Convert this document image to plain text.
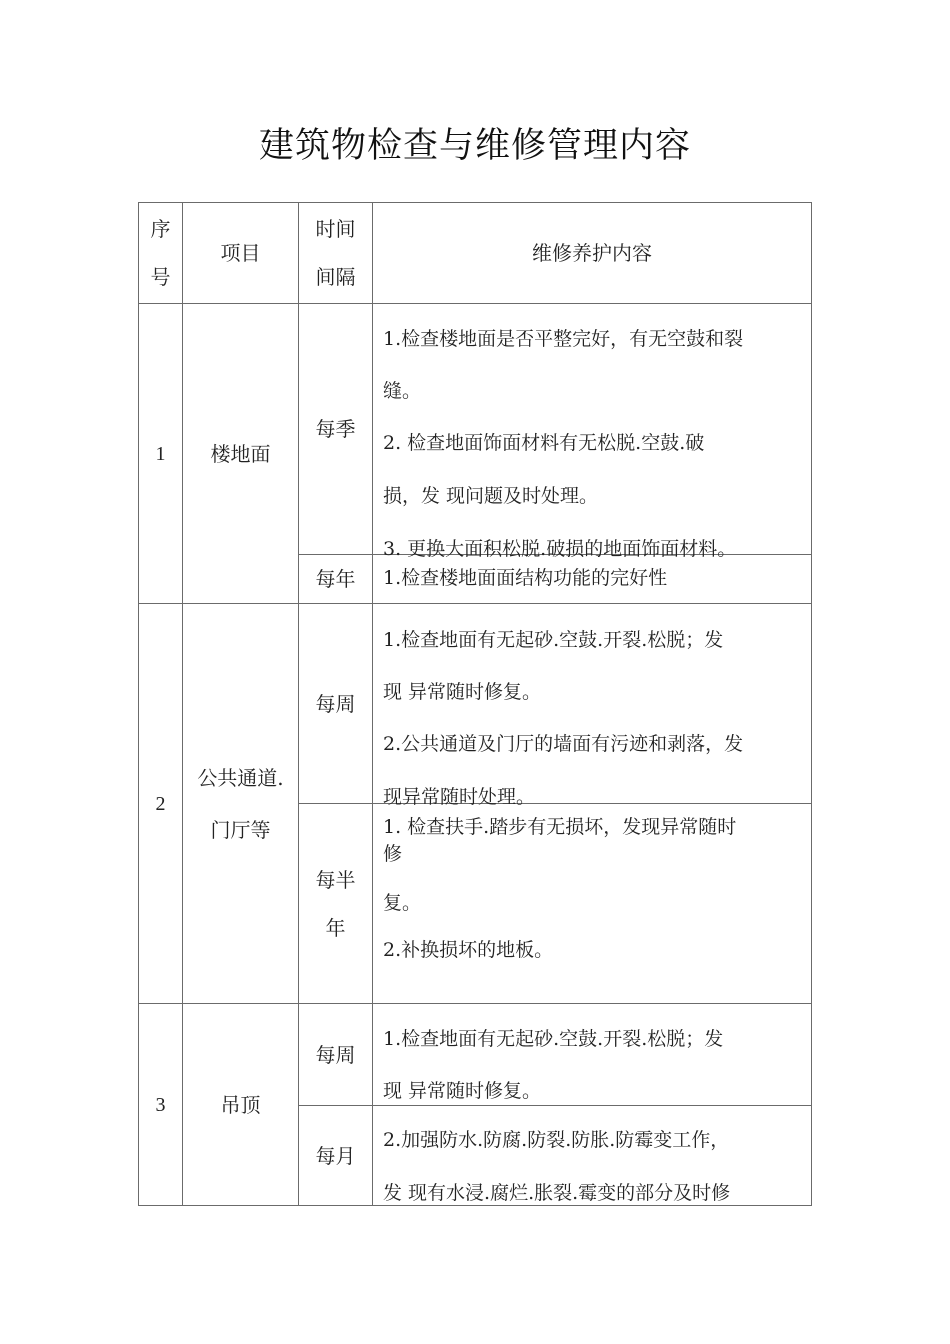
建筑物检查与维修管理内容
序
号
项目
时间
间隔
维修养护内容
1	楼地面
每季
每年
1.检查楼地面是否平整完好，有无空鼓和裂
缝。
2. 检查地面饰面材料有无松脱.空鼓.破
损，发 现问题及时处理。
3. 更换大面积松脱.破损的地面饰面材料。
1.检查楼地面面结构功能的完好性
2
公共通道.
门厅等
每周
每半
年
1.检查地面有无起砂.空鼓.开裂.松脱；发
现 异常随时修复。
2.公共通道及门厅的墙面有污迹和剥落，发
现异常随时处理。
1. 检查扶手.踏步有无损坏，发现异常随时
修
复。
2.补换损坏的地板。
3	吊顶
每周
每月
1.检查地面有无起砂.空鼓.开裂.松脱；发
现 异常随时修复。
2.加强防水.防腐.防裂.防胀.防霉变工作，
发 现有水浸.腐烂.胀裂.霉变的部分及时修
